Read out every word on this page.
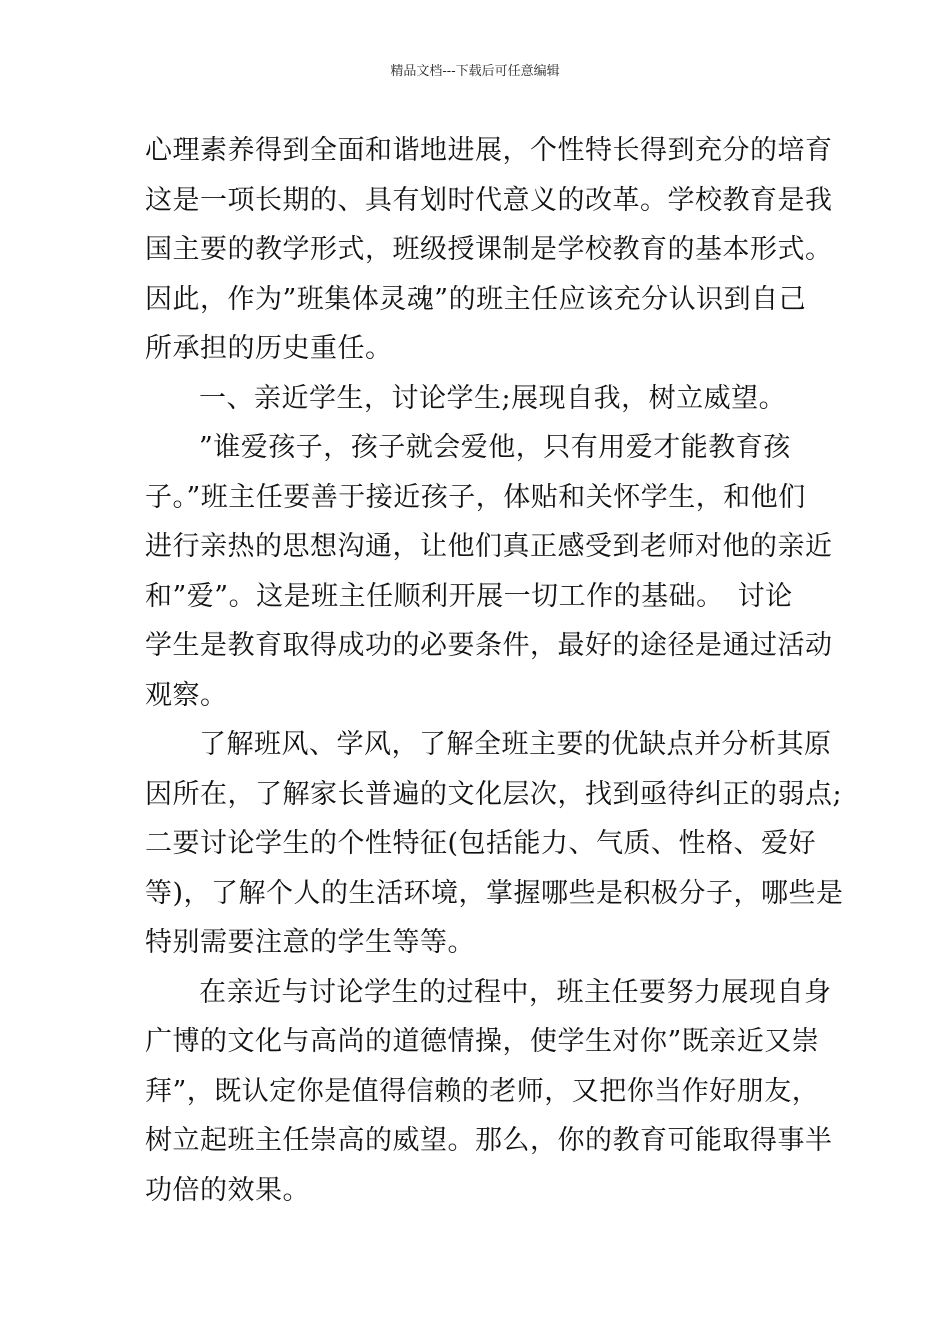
精品文档---下载后可任意编辑
心理素养得到全面和谐地进展，个性特长得到充分的培育
这是一项长期的、具有划时代意义的改革。学校教育是我
国主要的教学形式，班级授课制是学校教育的基本形式。
因此，作为”班集体灵魂”的班主任应该充分认识到自己
所承担的历史重任。
一、亲近学生，讨论学生;展现自我，树立威望。
”谁爱孩子，孩子就会爱他，只有用爱才能教育孩
子。”班主任要善于接近孩子，体贴和关怀学生，和他们
进行亲热的思想沟通，让他们真正感受到老师对他的亲近
和”爱”。这是班主任顺利开展一切工作的基础。　讨论
学生是教育取得成功的必要条件，最好的途径是通过活动
观察。
了解班风、学风，了解全班主要的优缺点并分析其原
因所在，了解家长普遍的文化层次，找到亟待纠正的弱点;
二要讨论学生的个性特征(包括能力、气质、性格、爱好
等)，了解个人的生活环境，掌握哪些是积极分子，哪些是
特别需要注意的学生等等。
在亲近与讨论学生的过程中，班主任要努力展现自身
广博的文化与高尚的道德情操，使学生对你”既亲近又崇
拜”，既认定你是值得信赖的老师，又把你当作好朋友，
树立起班主任崇高的威望。那么，你的教育可能取得事半
功倍的效果。
